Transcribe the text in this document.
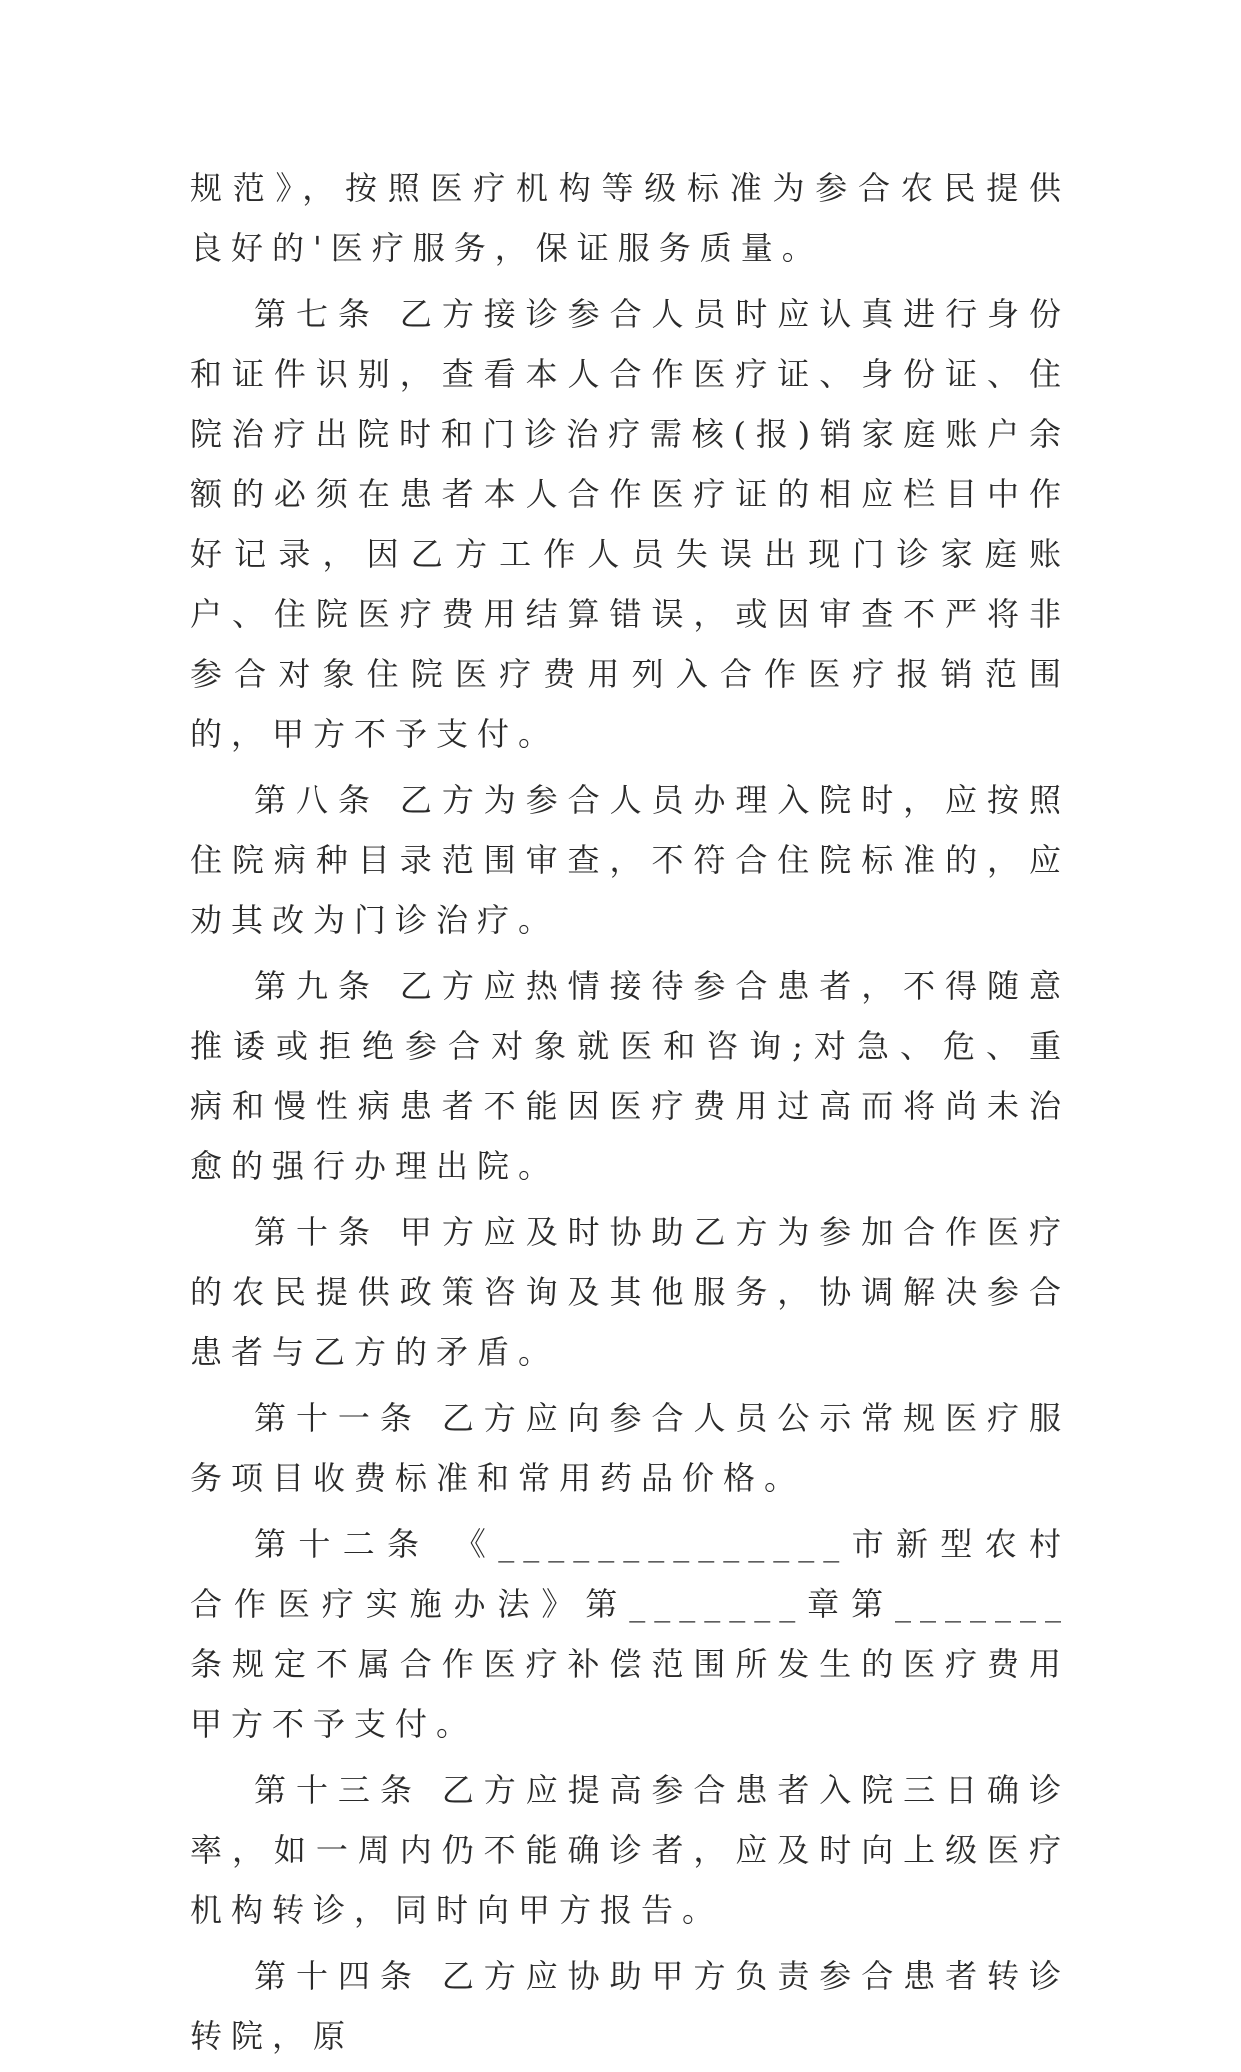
规范》，按照医疗机构等级标准为参合农民提供良好的'医疗服务，保证服务质量。

第七条 乙方接诊参合人员时应认真进行身份和证件识别，查看本人合作医疗证、身份证、住院治疗出院时和门诊治疗需核(报)销家庭账户余额的必须在患者本人合作医疗证的相应栏目中作好记录，因乙方工作人员失误出现门诊家庭账户、住院医疗费用结算错误，或因审查不严将非参合对象住院医疗费用列入合作医疗报销范围的，甲方不予支付。

第八条 乙方为参合人员办理入院时，应按照住院病种目录范围审查，不符合住院标准的，应劝其改为门诊治疗。

第九条 乙方应热情接待参合患者，不得随意推诿或拒绝参合对象就医和咨询;对急、危、重病和慢性病患者不能因医疗费用过高而将尚未治愈的强行办理出院。

第十条 甲方应及时协助乙方为参加合作医疗的农民提供政策咨询及其他服务，协调解决参合患者与乙方的矛盾。

第十一条 乙方应向参合人员公示常规医疗服务项目收费标准和常用药品价格。

第十二条 《______________市新型农村合作医疗实施办法》第_______章第_______条规定不属合作医疗补偿范围所发生的医疗费用甲方不予支付。

第十三条 乙方应提高参合患者入院三日确诊率，如一周内仍不能确诊者，应及时向上级医疗机构转诊，同时向甲方报告。

第十四条 乙方应协助甲方负责参合患者转诊转院，原
